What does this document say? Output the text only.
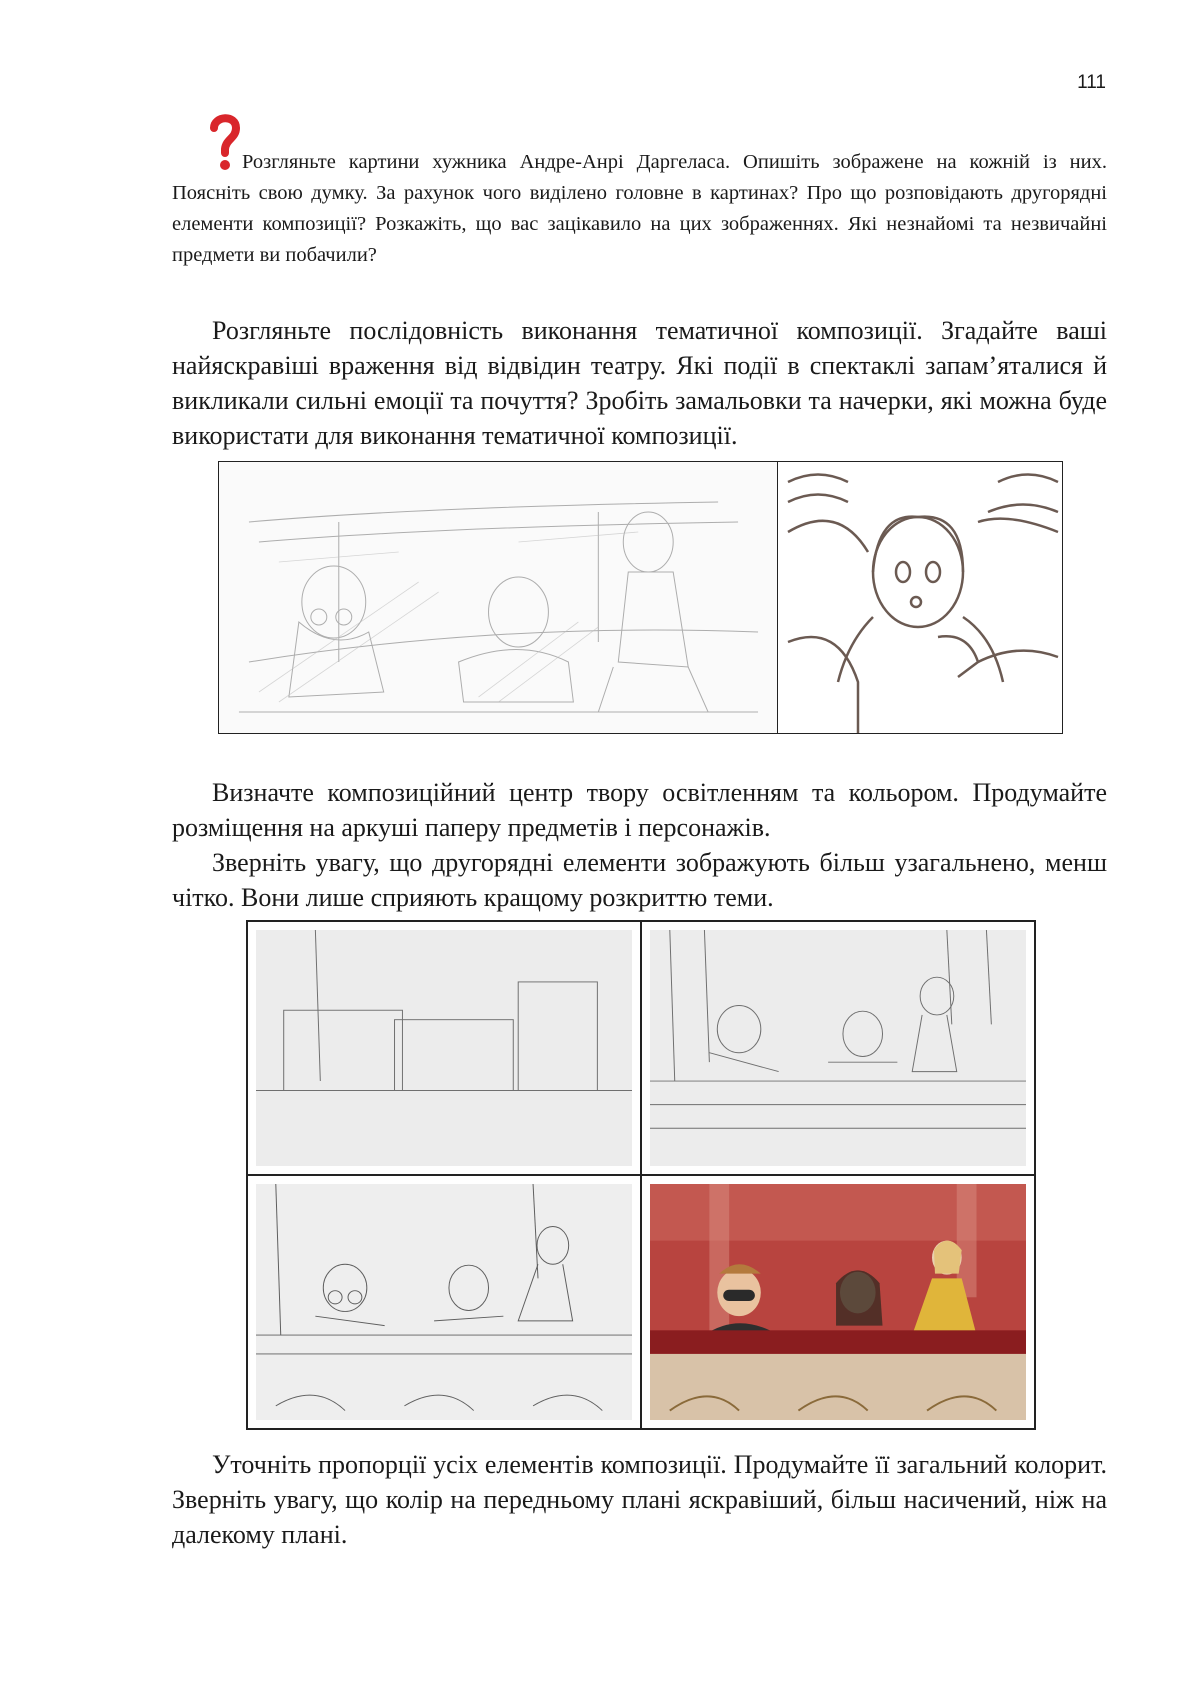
111
Розгляньте картини хужника Андре-Анрі Даргеласа. Опишіть зображене на кожній із них. Поясніть свою думку. За рахунок чого виділено головне в картинах? Про що розповідають другорядні елементи композиції? Розкажіть, що вас зацікавило на цих зображеннях. Які незнайомі та незвичайні предмети ви побачили?
Розгляньте послідовність виконання тематичної композиції. Згадайте ваші найяскравіші враження від відвідин театру. Які події в спектаклі запам’яталися й викликали сильні емоції та почуття? Зробіть замальовки та начерки, які можна буде використати для виконання тематичної композиції.
Визначте композиційний центр твору освітленням та кольором. Продумайте розміщення на аркуші паперу предметів і персонажів.
Зверніть увагу, що другорядні елементи зображують більш узагальнено, менш чітко. Вони лише сприяють кращому розкриттю теми.
Уточніть пропорції усіх елементів композиції. Продумайте її загальний колорит. Зверніть увагу, що колір на передньому плані яскравіший, більш насичений, ніж на далекому плані.
